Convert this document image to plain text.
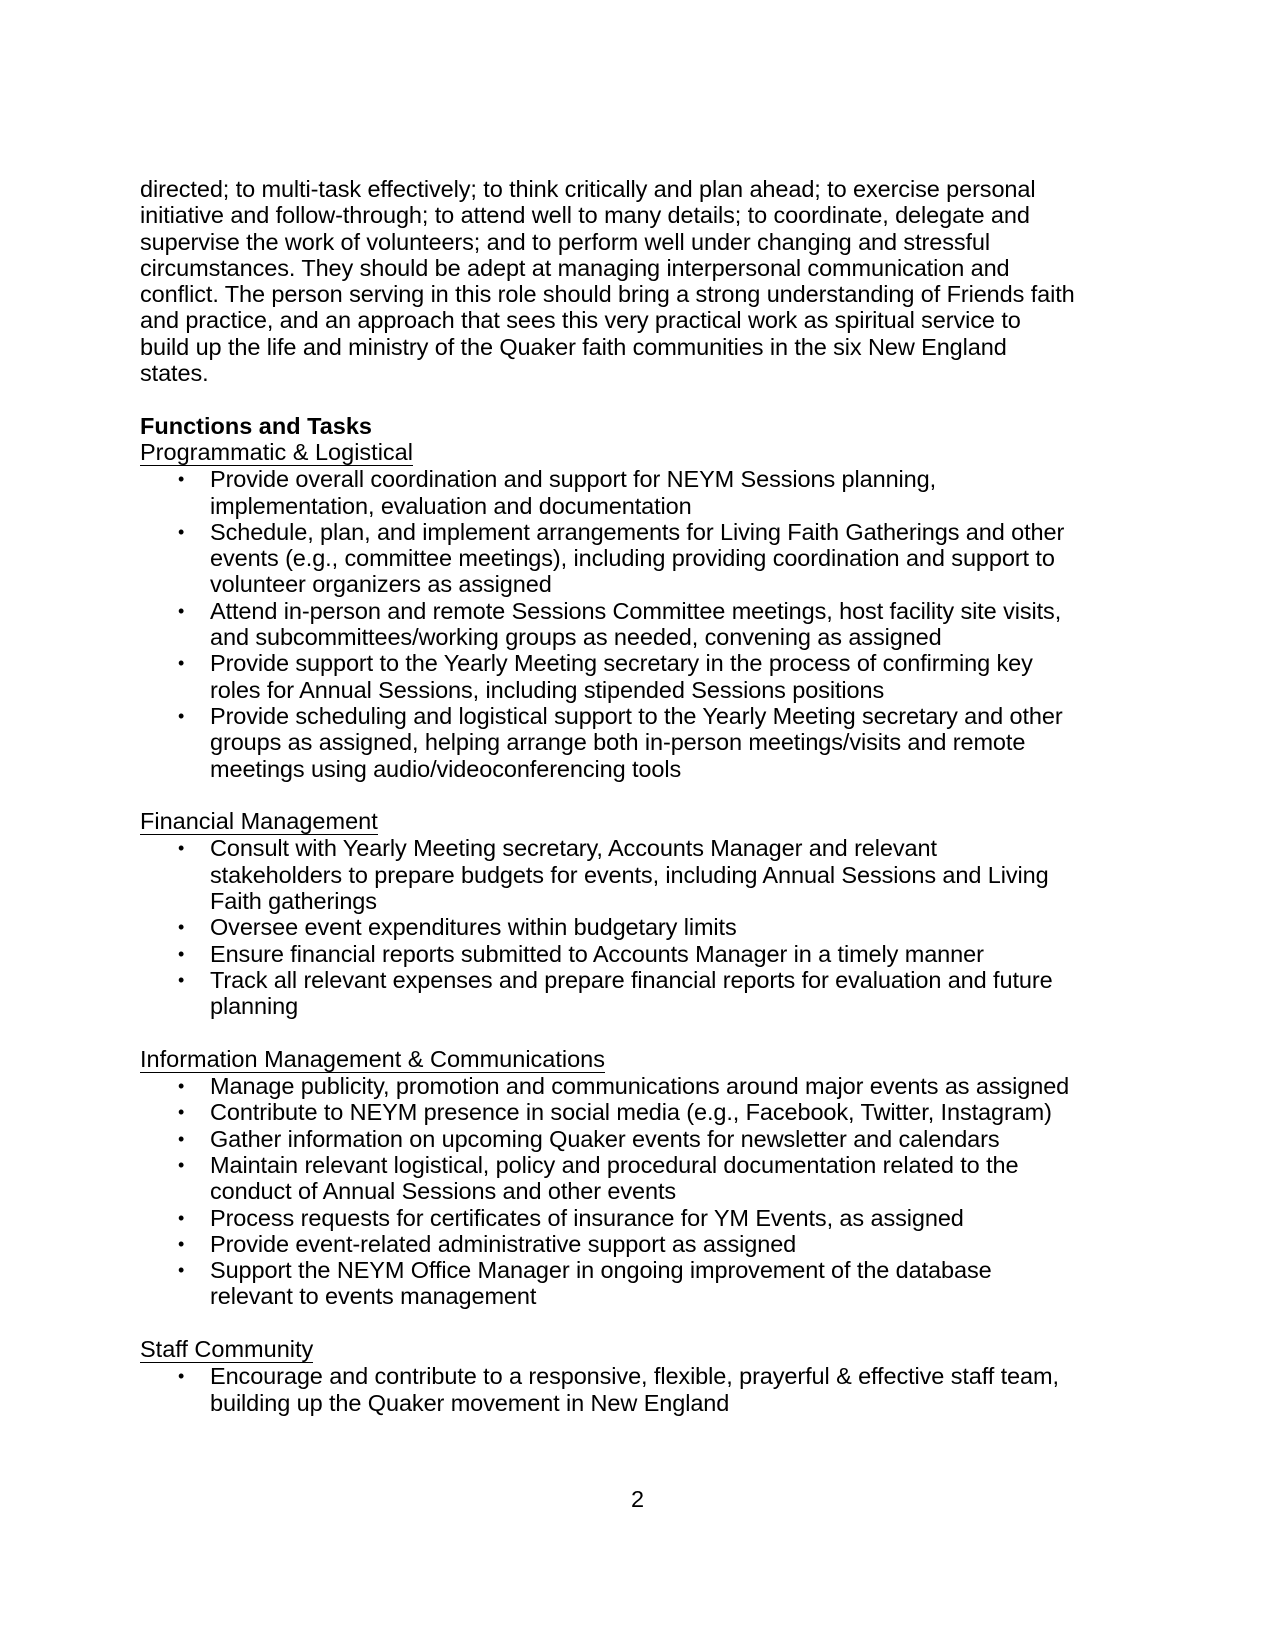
directed; to multi-task effectively; to think critically and plan ahead; to exercise personal initiative and follow-through; to attend well to many details; to coordinate, delegate and supervise the work of volunteers; and to perform well under changing and stressful circumstances. They should be adept at managing interpersonal communication and conflict. The person serving in this role should bring a strong understanding of Friends faith and practice, and an approach that sees this very practical work as spiritual service to build up the life and ministry of the Quaker faith communities in the six New England states.

Functions and Tasks
Programmatic & Logistical
• Provide overall coordination and support for NEYM Sessions planning, implementation, evaluation and documentation
• Schedule, plan, and implement arrangements for Living Faith Gatherings and other events (e.g., committee meetings), including providing coordination and support to volunteer organizers as assigned
• Attend in-person and remote Sessions Committee meetings, host facility site visits, and subcommittees/working groups as needed, convening as assigned
• Provide support to the Yearly Meeting secretary in the process of confirming key roles for Annual Sessions, including stipended Sessions positions
• Provide scheduling and logistical support to the Yearly Meeting secretary and other groups as assigned, helping arrange both in-person meetings/visits and remote meetings using audio/videoconferencing tools
Financial Management
• Consult with Yearly Meeting secretary, Accounts Manager and relevant stakeholders to prepare budgets for events, including Annual Sessions and Living Faith gatherings
• Oversee event expenditures within budgetary limits
• Ensure financial reports submitted to Accounts Manager in a timely manner
• Track all relevant expenses and prepare financial reports for evaluation and future planning
Information Management & Communications
• Manage publicity, promotion and communications around major events as assigned
• Contribute to NEYM presence in social media (e.g., Facebook, Twitter, Instagram)
• Gather information on upcoming Quaker events for newsletter and calendars
• Maintain relevant logistical, policy and procedural documentation related to the conduct of Annual Sessions and other events
• Process requests for certificates of insurance for YM Events, as assigned
• Provide event-related administrative support as assigned
• Support the NEYM Office Manager in ongoing improvement of the database relevant to events management
Staff Community
• Encourage and contribute to a responsive, flexible, prayerful & effective staff team, building up the Quaker movement in New England
2
